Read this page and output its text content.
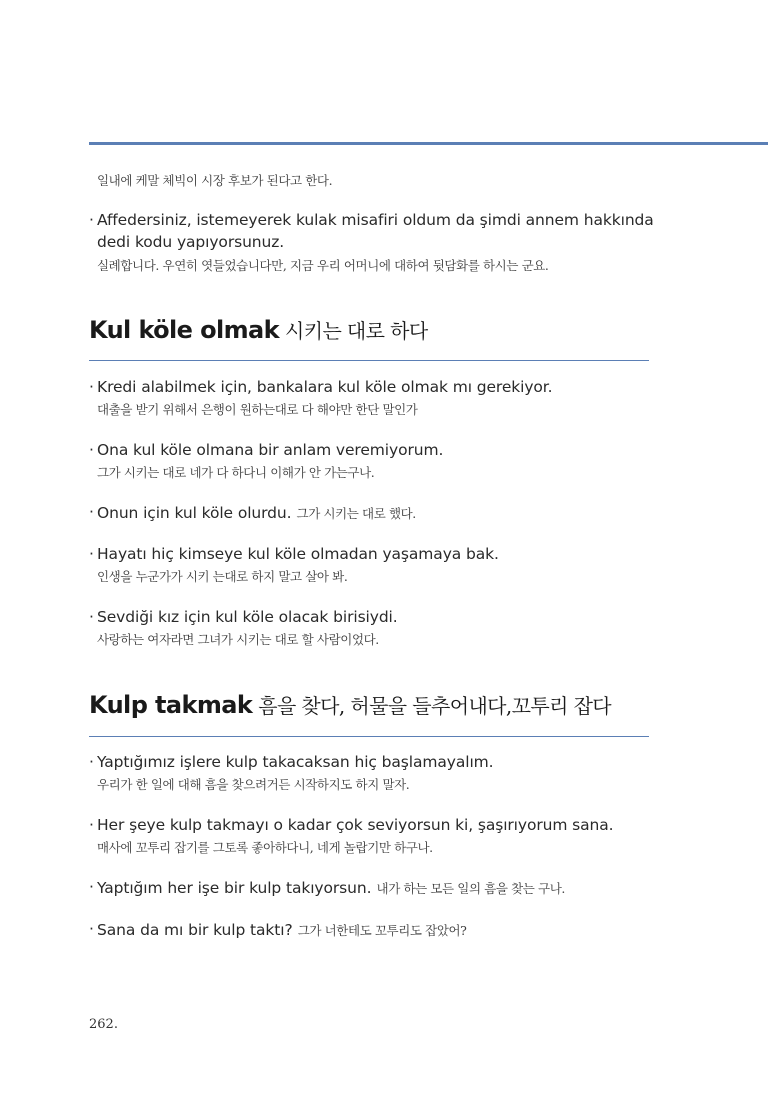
일내에 케말 체빅이 시장 후보가 된다고 한다.
· Affedersiniz, istemeyerek kulak misafiri oldum da şimdi annem hakkında
dedi kodu yapıyorsunuz.
실례합니다. 우연히 엿들었습니다만, 지금 우리 어머니에 대하여 뒷담화를 하시는 군요.
Kul köle olmak 시키는 대로 하다
· Kredi alabilmek için, bankalara kul köle olmak mı gerekiyor.
대출을 받기 위해서 은행이 원하는대로 다 해야만 한단 말인가
· Ona kul köle olmana bir anlam veremiyorum.
그가 시키는 대로 네가 다 하다니 이해가 안 가는구나.
· Onun için kul köle olurdu. 그가 시키는 대로 했다.
· Hayatı hiç kimseye kul köle olmadan yaşamaya bak.
인생을 누군가가 시키 는대로 하지 말고 살아 봐.
· Sevdiği kız için kul köle olacak birisiydi.
사랑하는 여자라면 그녀가 시키는 대로 할 사람이었다.
Kulp takmak 흠을 찾다, 허물을 들추어내다,꼬투리 잡다
· Yaptığımız işlere kulp takacaksan hiç başlamayalım.
우리가 한 일에 대해 흠을 찾으려거든 시작하지도 하지 말자.
· Her şeye kulp takmayı o kadar çok seviyorsun ki, şaşırıyorum sana.
매사에 꼬투리 잡기를 그토록 좋아하다니, 네게 놀랍기만 하구나.
· Yaptığım her işe bir kulp takıyorsun. 내가 하는 모든 일의 흠을 찾는 구나.
· Sana da mı bir kulp taktı? 그가 너한테도 꼬투리도 잡았어?
262.
